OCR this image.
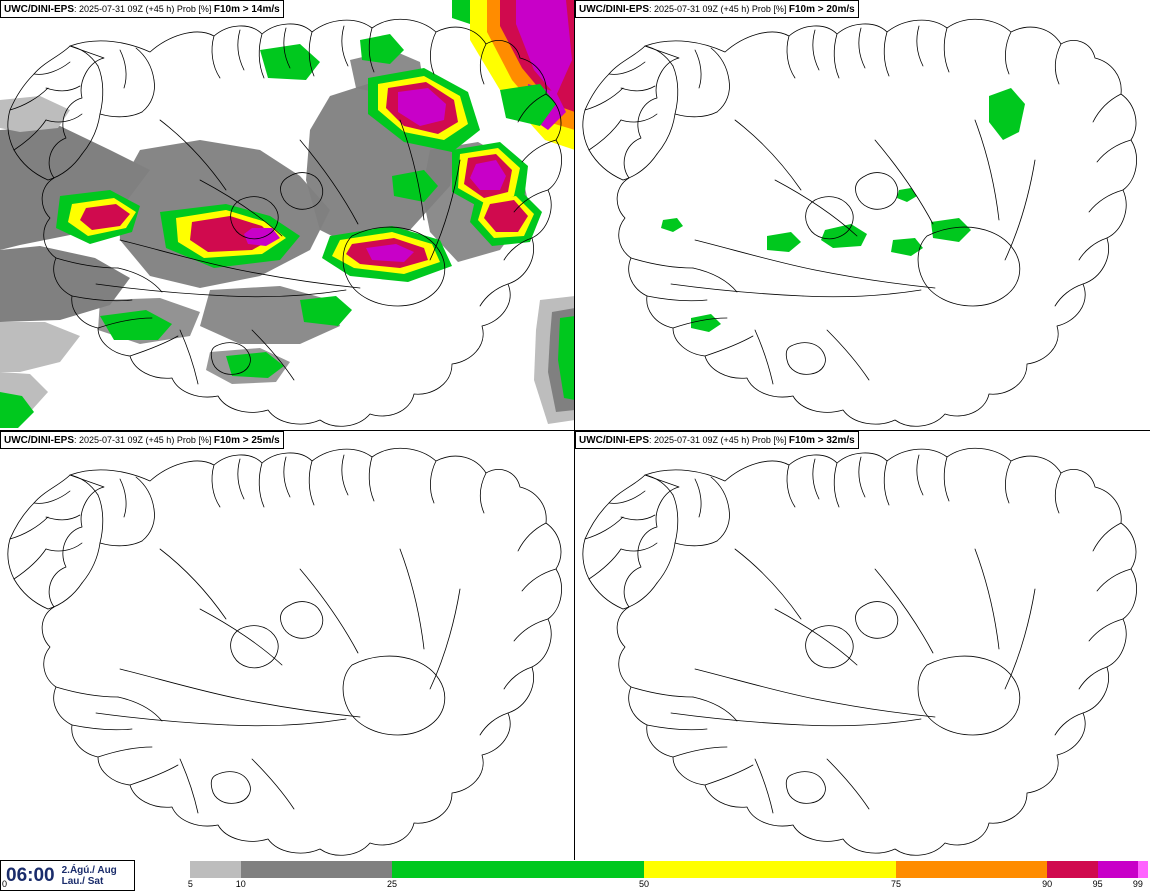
UWC/DINI-EPS: 2025-07-31 09Z (+45 h) Prob [%] F10m > 14m/s	UWC/DINI-EPS: 2025-07-31 09Z (+45 h) Prob [%] F10m > 20m/s
UWC/DINI-EPS: 2025-07-31 09Z (+45 h) Prob [%] F10m > 25m/s	UWC/DINI-EPS: 2025-07-31 09Z (+45 h) Prob [%] F10m > 32m/s
06:00 2.Ágú./ Aug
Lau./ Sat	5	10	25	50	75	90	95	99
0
